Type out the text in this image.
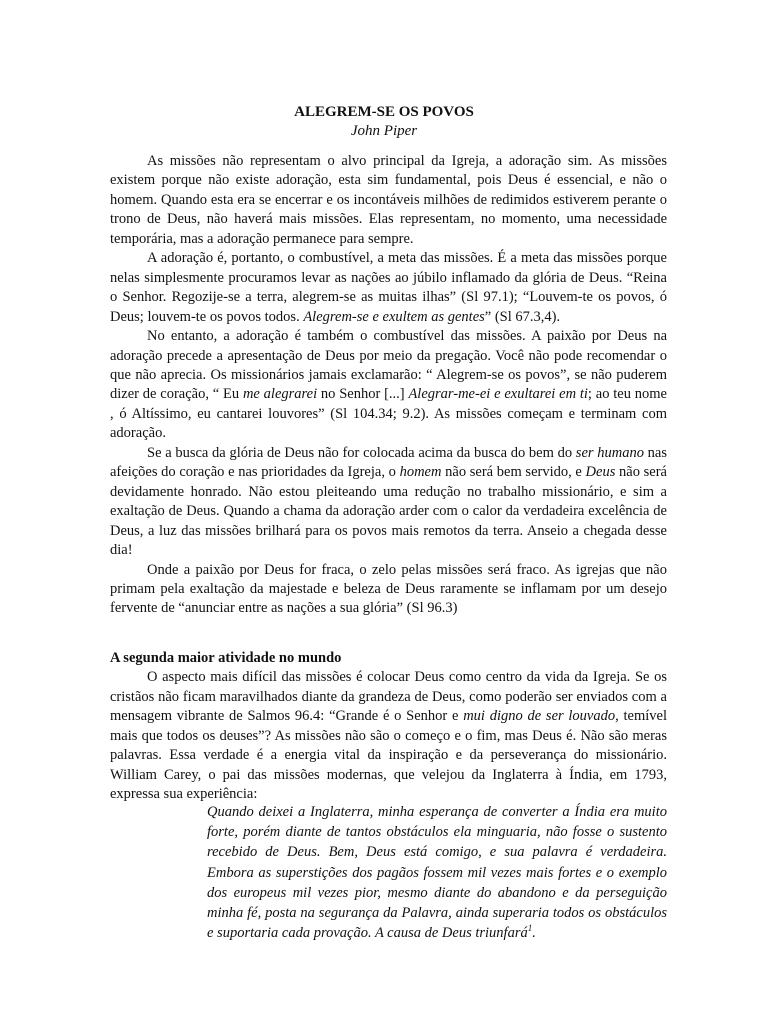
ALEGREM-SE OS POVOS
John Piper

As missões não representam o alvo principal da Igreja, a adoração sim. As missões existem porque não existe adoração, esta sim fundamental, pois Deus é essencial, e não o homem. Quando esta era se encerrar e os incontáveis milhões de redimidos estiverem perante o trono de Deus, não haverá mais missões. Elas representam, no momento, uma necessidade temporária, mas a adoração permanece para sempre.

A adoração é, portanto, o combustível, a meta das missões. É a meta das missões porque nelas simplesmente procuramos levar as nações ao júbilo inflamado da glória de Deus. “Reina o Senhor. Regozije-se a terra, alegrem-se as muitas ilhas” (Sl 97.1); “Louvem-te os povos, ó Deus; louvem-te os povos todos. Alegrem-se e exultem as gentes” (Sl 67.3,4).

No entanto, a adoração é também o combustível das missões. A paixão por Deus na adoração precede a apresentação de Deus por meio da pregação. Você não pode recomendar o que não aprecia. Os missionários jamais exclamarão: “ Alegrem-se os povos”, se não puderem dizer de coração, “ Eu me alegrarei no Senhor [...] Alegrar-me-ei e exultarei em ti; ao teu nome , ó Altíssimo, eu cantarei louvores” (Sl 104.34; 9.2). As missões começam e terminam com adoração.

Se a busca da glória de Deus não for colocada acima da busca do bem do ser humano nas afeições do coração e nas prioridades da Igreja, o homem não será bem servido, e Deus não será devidamente honrado. Não estou pleiteando uma redução no trabalho missionário, e sim a exaltação de Deus. Quando a chama da adoração arder com o calor da verdadeira excelência de Deus, a luz das missões brilhará para os povos mais remotos da terra. Anseio a chegada desse dia!

Onde a paixão por Deus for fraca, o zelo pelas missões será fraco. As igrejas que não primam pela exaltação da majestade e beleza de Deus raramente se inflamam por um desejo fervente de “anunciar entre as nações a sua glória” (Sl 96.3)

A segunda maior atividade no mundo

O aspecto mais difícil das missões é colocar Deus como centro da vida da Igreja. Se os cristãos não ficam maravilhados diante da grandeza de Deus, como poderão ser enviados com a mensagem vibrante de Salmos 96.4: “Grande é o Senhor e mui digno de ser louvado, temível mais que todos os deuses”? As missões não são o começo e o fim, mas Deus é. Não são meras palavras. Essa verdade é a energia vital da inspiração e da perseverança do missionário. William Carey, o pai das missões modernas, que velejou da Inglaterra à Índia, em 1793, expressa sua experiência:

Quando deixei a Inglaterra, minha esperança de converter a Índia era muito forte, porém diante de tantos obstáculos ela minguaria, não fosse o sustento recebido de Deus. Bem, Deus está comigo, e sua palavra é verdadeira. Embora as superstições dos pagãos fossem mil vezes mais fortes e o exemplo dos europeus mil vezes pior, mesmo diante do abandono e da perseguição minha fé, posta na segurança da Palavra, ainda superaria todos os obstáculos e suportaria cada provação. A causa de Deus triunfará$^1$.
